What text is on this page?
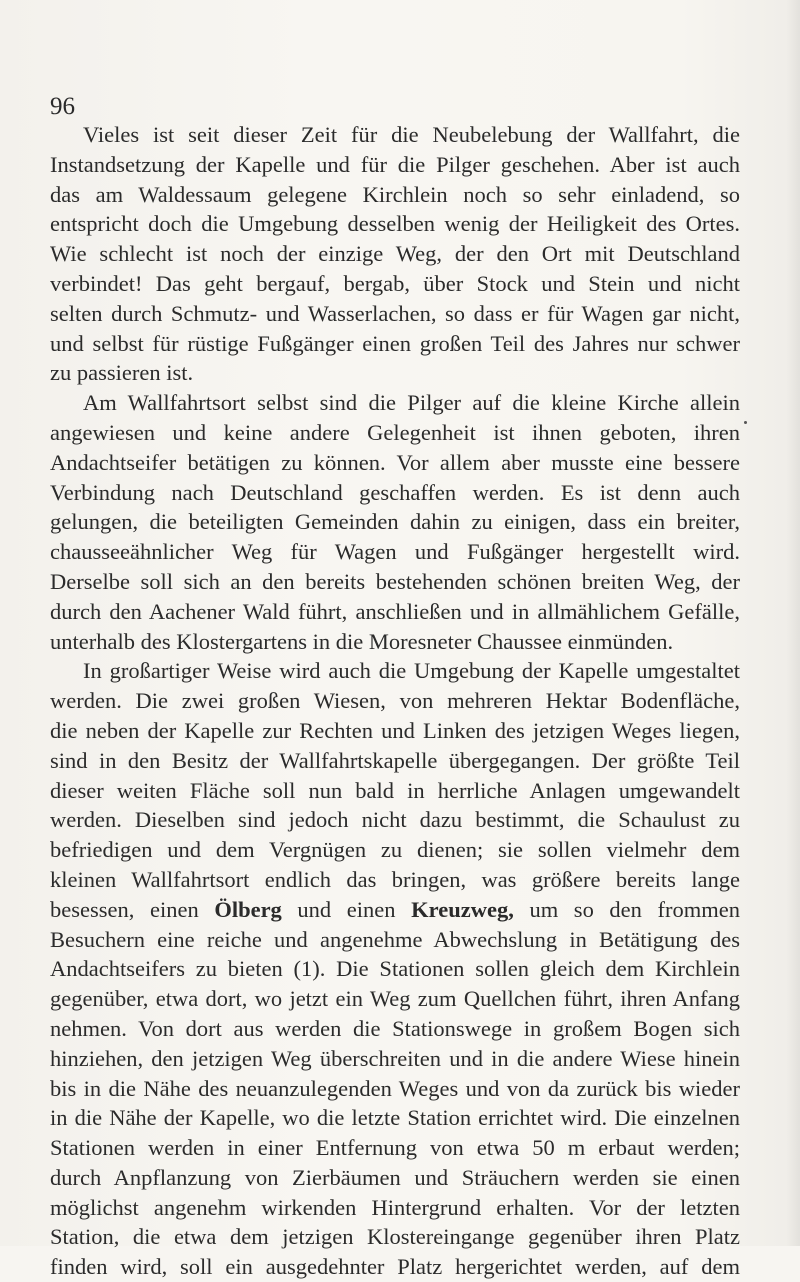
96
Vieles ist seit dieser Zeit für die Neubelebung der Wallfahrt, die
Instandsetzung der Kapelle und für die Pilger geschehen. Aber ist auch
das am Waldessaum gelegene Kirchlein noch so sehr einladend, so
entspricht doch die Umgebung desselben wenig der Heiligkeit des Ortes.
Wie schlecht ist noch der einzige Weg, der den Ort mit Deutschland
verbindet! Das geht bergauf, bergab, über Stock und Stein und nicht
selten durch Schmutz- und Wasserlachen, so dass er für Wagen gar nicht,
und selbst für rüstige Fußgänger einen großen Teil des Jahres nur schwer
zu passieren ist.
Am Wallfahrtsort selbst sind die Pilger auf die kleine Kirche allein
angewiesen und keine andere Gelegenheit ist ihnen geboten, ihren
Andachtseifer betätigen zu können. Vor allem aber musste eine bessere
Verbindung nach Deutschland geschaffen werden. Es ist denn auch
gelungen, die beteiligten Gemeinden dahin zu einigen, dass ein breiter,
chausseeähnlicher Weg für Wagen und Fußgänger hergestellt wird.
Derselbe soll sich an den bereits bestehenden schönen breiten Weg, der
durch den Aachener Wald führt, anschließen und in allmählichem Gefälle,
unterhalb des Klostergartens in die Moresneter Chaussee einmünden.
In großartiger Weise wird auch die Umgebung der Kapelle umgestaltet
werden. Die zwei großen Wiesen, von mehreren Hektar Bodenfläche,
die neben der Kapelle zur Rechten und Linken des jetzigen Weges liegen,
sind in den Besitz der Wallfahrtskapelle übergegangen. Der größte Teil
dieser weiten Fläche soll nun bald in herrliche Anlagen umgewandelt
werden. Dieselben sind jedoch nicht dazu bestimmt, die Schaulust zu
befriedigen und dem Vergnügen zu dienen; sie sollen vielmehr dem
kleinen Wallfahrtsort endlich das bringen, was größere bereits lange
besessen, einen Ölberg und einen Kreuzweg, um so den frommen
Besuchern eine reiche und angenehme Abwechslung in Betätigung des
Andachtseifers zu bieten (1). Die Stationen sollen gleich dem Kirchlein
gegenüber, etwa dort, wo jetzt ein Weg zum Quellchen führt, ihren Anfang
nehmen. Von dort aus werden die Stationswege in großem Bogen sich
hinziehen, den jetzigen Weg überschreiten und in die andere Wiese hinein
bis in die Nähe des neuanzulegenden Weges und von da zurück bis wieder
in die Nähe der Kapelle, wo die letzte Station errichtet wird. Die einzelnen
Stationen werden in einer Entfernung von etwa 50 m erbaut werden;
durch Anpflanzung von Zierbäumen und Sträuchern werden sie einen
möglichst angenehm wirkenden Hintergrund erhalten. Vor der letzten
Station, die etwa dem jetzigen Klostereingange gegenüber ihren Platz
finden wird, soll ein ausgedehnter Platz hergerichtet werden, auf dem
